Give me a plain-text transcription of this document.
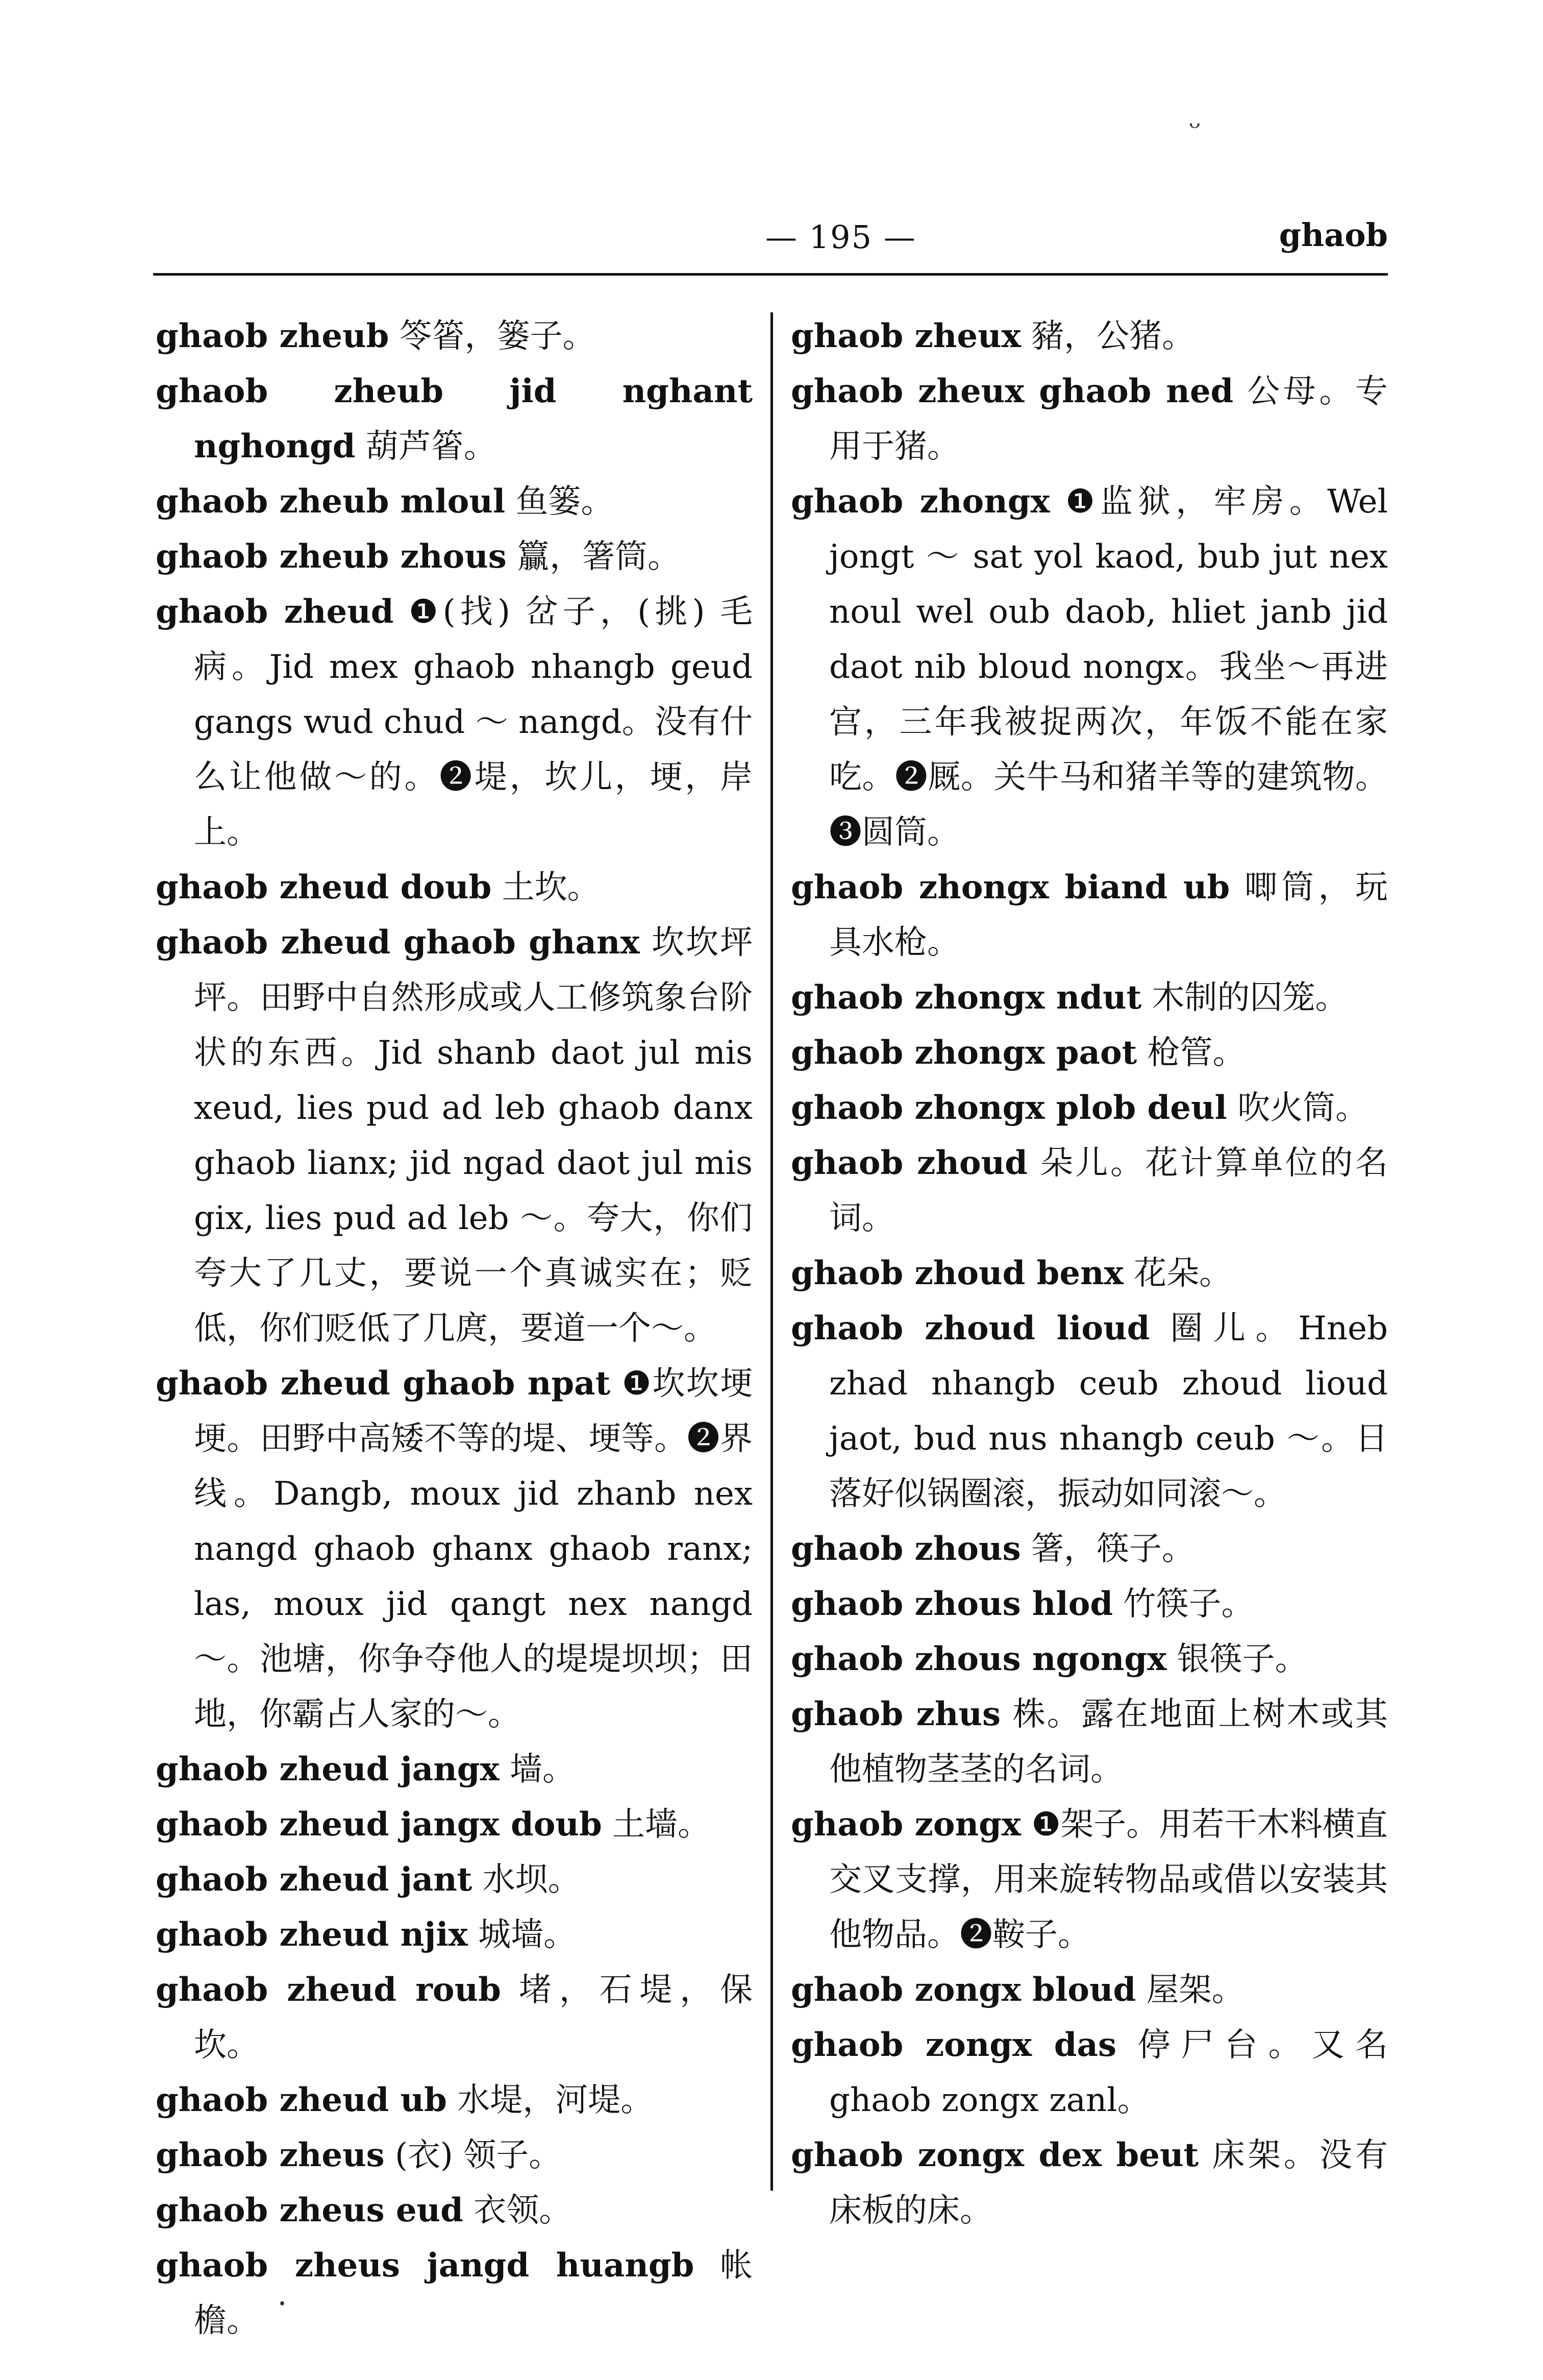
— 195 —	ghaob

ghaob zheub 笭箵，篓子。

ghaob zheub jid nghant nghongd 葫芦箵。

ghaob zheub mloul 鱼篓。

ghaob zheub zhous 籯，箸筒。

ghaob zheud ❶(找) 岔子，(挑) 毛病。Jid mex ghaob nhangb geud gangs wud chud ～ nangd。没有什么让他做～的。❷堤，坎儿，埂，岸上。

ghaob zheud doub 土坎。

ghaob zheud ghaob ghanx 坎坎坪坪。田野中自然形成或人工修筑象台阶状的东西。Jid shanb daot jul mis xeud, lies pud ad leb ghaob danx ghaob lianx; jid ngad daot jul mis gix, lies pud ad leb ～。夸大，你们夸大了几丈，要说一个真诚实在；贬低，你们贬低了几庹，要道一个～。

ghaob zheud ghaob npat ❶坎坎埂埂。田野中高矮不等的堤、埂等。❷界线。Dangb, moux jid zhanb nex nangd ghaob ghanx ghaob ranx; las, moux jid qangt nex nangd ～。池塘，你争夺他人的堤堤坝坝；田地，你霸占人家的～。

ghaob zheud jangx 墙。

ghaob zheud jangx doub 土墙。

ghaob zheud jant 水坝。

ghaob zheud njix 城墙。

ghaob zheud roub 堵，石堤，保坎。

ghaob zheud ub 水堤，河堤。

ghaob zheus (衣) 领子。

ghaob zheus eud 衣领。

ghaob zheus jangd huangb 帐檐。

ghaob zheux 豬，公猪。

ghaob zheux ghaob ned 公母。专用于猪。

ghaob zhongx ❶监狱，牢房。Wel jongt ～ sat yol kaod, bub jut nex noul wel oub daob, hliet janb jid daot nib bloud nongx。我坐～再进宫，三年我被捉两次，年饭不能在家吃。❷厩。关牛马和猪羊等的建筑物。❸圆筒。

ghaob zhongx biand ub 唧筒，玩具水枪。

ghaob zhongx ndut 木制的囚笼。

ghaob zhongx paot 枪管。

ghaob zhongx plob deul 吹火筒。

ghaob zhoud 朵儿。花计算单位的名词。

ghaob zhoud benx 花朵。

ghaob zhoud lioud 圈儿。Hneb zhad nhangb ceub zhoud lioud jaot, bud nus nhangb ceub ～。日落好似锅圈滚，振动如同滚～。

ghaob zhous 箸，筷子。

ghaob zhous hlod 竹筷子。

ghaob zhous ngongx 银筷子。

ghaob zhus 株。露在地面上树木或其他植物茎茎的名词。

ghaob zongx ❶架子。用若干木料横直交叉支撑，用来旋转物品或借以安装其他物品。❷鞍子。

ghaob zongx bloud 屋架。

ghaob zongx das 停尸台。又名 ghaob zongx zanl。

ghaob zongx dex beut 床架。没有床板的床。

ᵕ
⸱
